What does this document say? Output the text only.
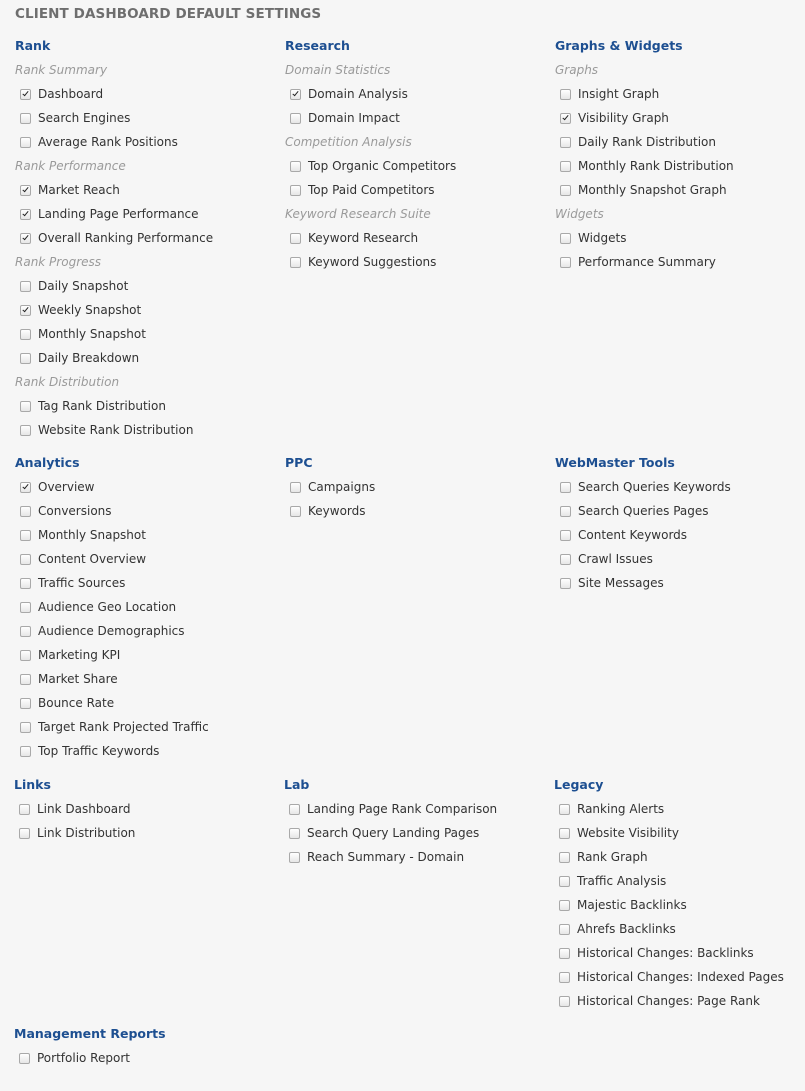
CLIENT DASHBOARD DEFAULT SETTINGS
Rank
Rank Summary
Dashboard
Search Engines
Average Rank Positions
Rank Performance
Market Reach
Landing Page Performance
Overall Ranking Performance
Rank Progress
Daily Snapshot
Weekly Snapshot
Monthly Snapshot
Daily Breakdown
Rank Distribution
Tag Rank Distribution
Website Rank Distribution
Research
Domain Statistics
Domain Analysis
Domain Impact
Competition Analysis
Top Organic Competitors
Top Paid Competitors
Keyword Research Suite
Keyword Research
Keyword Suggestions
Graphs & Widgets
Graphs
Insight Graph
Visibility Graph
Daily Rank Distribution
Monthly Rank Distribution
Monthly Snapshot Graph
Widgets
Widgets
Performance Summary
Analytics
Overview
Conversions
Monthly Snapshot
Content Overview
Traffic Sources
Audience Geo Location
Audience Demographics
Marketing KPI
Market Share
Bounce Rate
Target Rank Projected Traffic
Top Traffic Keywords
PPC
Campaigns
Keywords
WebMaster Tools
Search Queries Keywords
Search Queries Pages
Content Keywords
Crawl Issues
Site Messages
Links
Link Dashboard
Link Distribution
Lab
Landing Page Rank Comparison
Search Query Landing Pages
Reach Summary - Domain
Legacy
Ranking Alerts
Website Visibility
Rank Graph
Traffic Analysis
Majestic Backlinks
Ahrefs Backlinks
Historical Changes: Backlinks
Historical Changes: Indexed Pages
Historical Changes: Page Rank
Management Reports
Portfolio Report
